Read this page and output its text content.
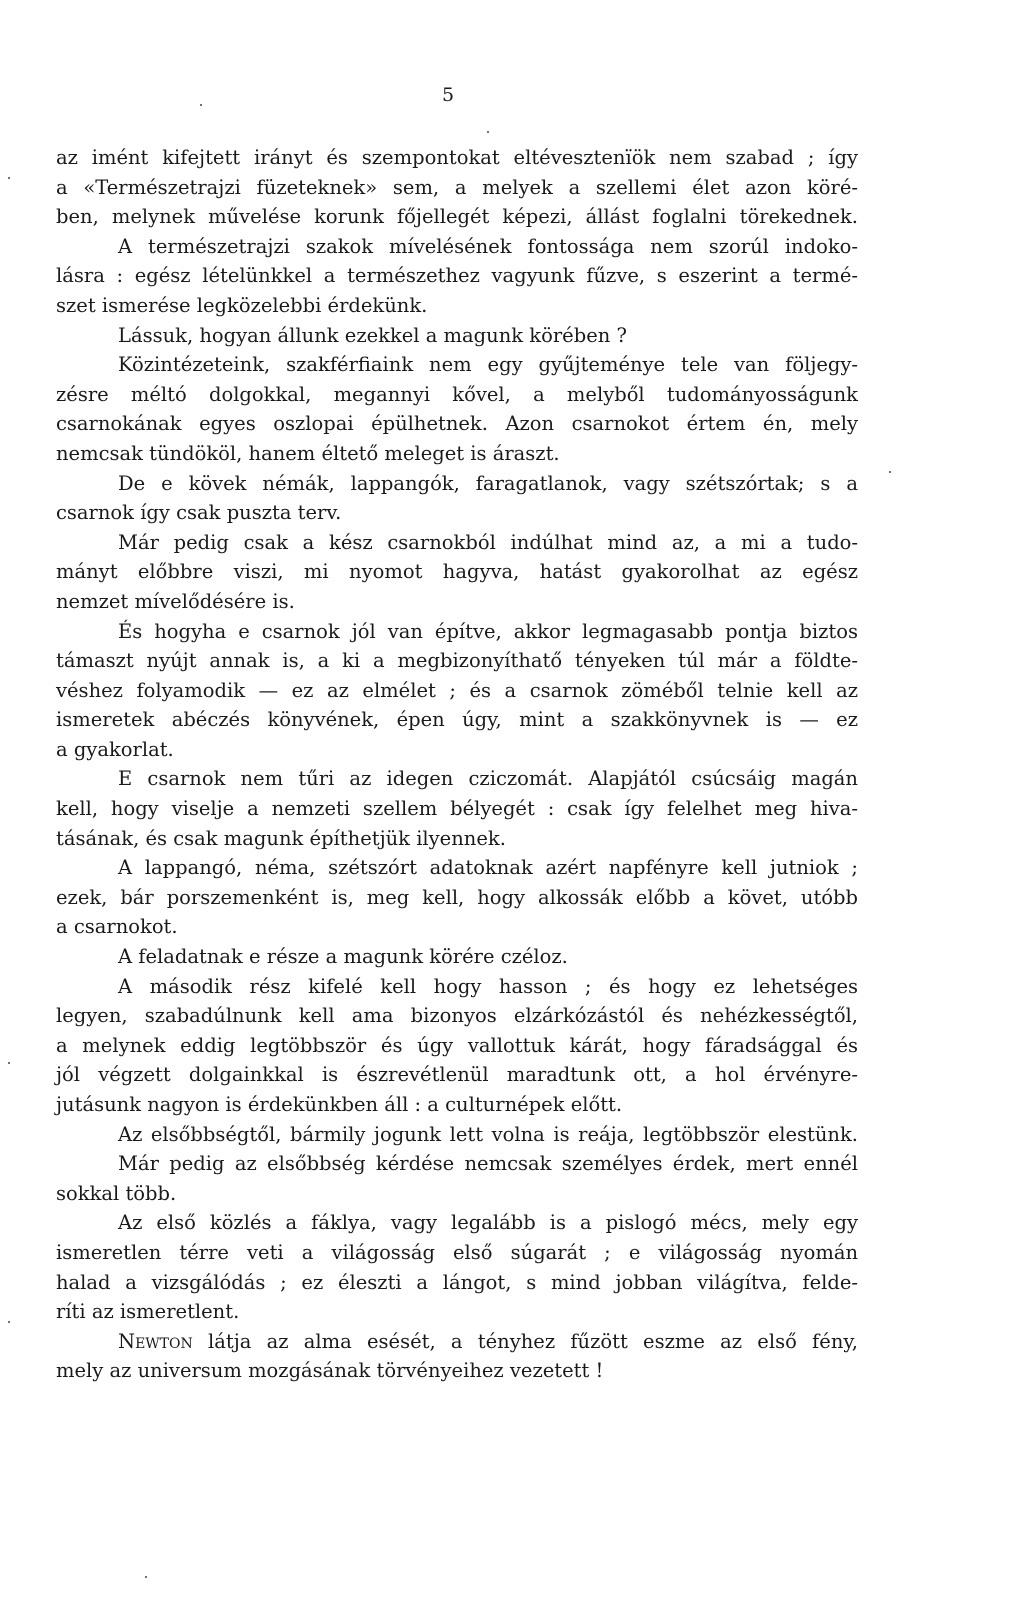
5
az imént kifejtett irányt és szempontokat eltévesztenïök nem szabad ; így
a «Természetrajzi füzeteknek» sem, a melyek a szellemi élet azon köré-
ben, melynek művelése korunk főjellegét képezi, állást foglalni törekednek.
A természetrajzi szakok mívelésének fontossága nem szorúl indoko-
lásra : egész lételünkkel a természethez vagyunk fűzve, s eszerint a termé-
szet ismerése legközelebbi érdekünk.
Lássuk, hogyan állunk ezekkel a magunk körében ?
Közintézeteink, szakférfiaink nem egy gyűjteménye tele van följegy-
zésre méltó dolgokkal, megannyi kővel, a melyből tudományosságunk
csarnokának egyes oszlopai épülhetnek. Azon csarnokot értem én, mely
nemcsak tündököl, hanem éltető meleget is áraszt.
De e kövek némák, lappangók, faragatlanok, vagy szétszórtak; s a
csarnok így csak puszta terv.
Már pedig csak a kész csarnokból indúlhat mind az, a mi a tudo-
mányt előbbre viszi, mi nyomot hagyva, hatást gyakorolhat az egész
nemzet mívelődésére is.
És hogyha e csarnok jól van építve, akkor legmagasabb pontja biztos
támaszt nyújt annak is, a ki a megbizonyíthatő tényeken túl már a földte-
véshez folyamodik — ez az elmélet ; és a csarnok zöméből telnie kell az
ismeretek abéczés könyvének, épen úgy, mint a szakkönyvnek is — ez
a gyakorlat.
E csarnok nem tűri az idegen cziczomát. Alapjától csúcsáig magán
kell, hogy viselje a nemzeti szellem bélyegét : csak így felelhet meg hiva-
tásának, és csak magunk építhetjük ilyennek.
A lappangó, néma, szétszórt adatoknak azért napfényre kell jutniok ;
ezek, bár porszemenként is, meg kell, hogy alkossák előbb a követ, utóbb
a csarnokot.
A feladatnak e része a magunk körére czéloz.
A második rész kifelé kell hogy hasson ; és hogy ez lehetséges
legyen, szabadúlnunk kell ama bizonyos elzárkózástól és nehézkességtől,
a melynek eddig legtöbbször és úgy vallottuk kárát, hogy fáradsággal és
jól végzett dolgainkkal is észrevétlenül maradtunk ott, a hol érvényre-
jutásunk nagyon is érdekünkben áll : a culturnépek előtt.
Az elsőbbségtől, bármily jogunk lett volna is reája, legtöbbször elestünk.
Már pedig az elsőbbség kérdése nemcsak személyes érdek, mert ennél
sokkal több.
Az első közlés a fáklya, vagy legalább is a pislogó mécs, mely egy
ismeretlen térre veti a világosság első súgarát ; e világosság nyomán
halad a vizsgálódás ; ez éleszti a lángot, s mind jobban világítva, felde-
ríti az ismeretlent.
Newton látja az alma esését, a tényhez fűzött eszme az első fény,
mely az universum mozgásának törvényeihez vezetett !
